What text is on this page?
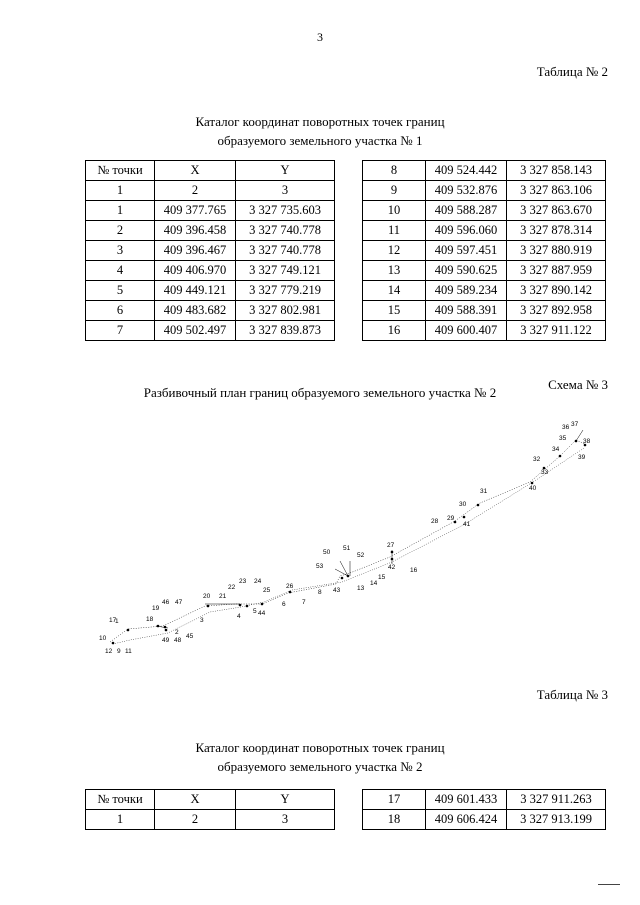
3
Таблица № 2
Каталог координат поворотных точек границ
образуемого земельного участка № 1
№ точки	X	Y
1	2	3
1	409 377.765	3 327 735.603
2	409 396.458	3 327 740.778
3	409 396.467	3 327 740.778
4	409 406.970	3 327 749.121
5	409 449.121	3 327 779.219
6	409 483.682	3 327 802.981
7	409 502.497	3 327 839.873
8	409 524.442	3 327 858.143
9	409 532.876	3 327 863.106
10	409 588.287	3 327 863.670
11	409 596.060	3 327 878.314
12	409 597.451	3 327 880.919
13	409 590.625	3 327 887.959
14	409 589.234	3 327 890.142
15	409 588.391	3 327 892.958
16	409 600.407	3 327 911.122
Схема № 3
Разбивочный план границ образуемого земельного участка № 2
1
2
3
4
5
6	7
8
9
10
11
12
13
14
15
16
17	18
19
20 21
22
23 24
25
26
27
28 29
30
31
32
33
34
35
36 37
38
39
40
41
42
43
44
45
46 47
48
49
50
51
52
53
Таблица № 3
Каталог координат поворотных точек границ
образуемого земельного участка № 2
№ точки	X	Y
1	2	3
17	409 601.433	3 327 911.263
18	409 606.424	3 327 913.199
